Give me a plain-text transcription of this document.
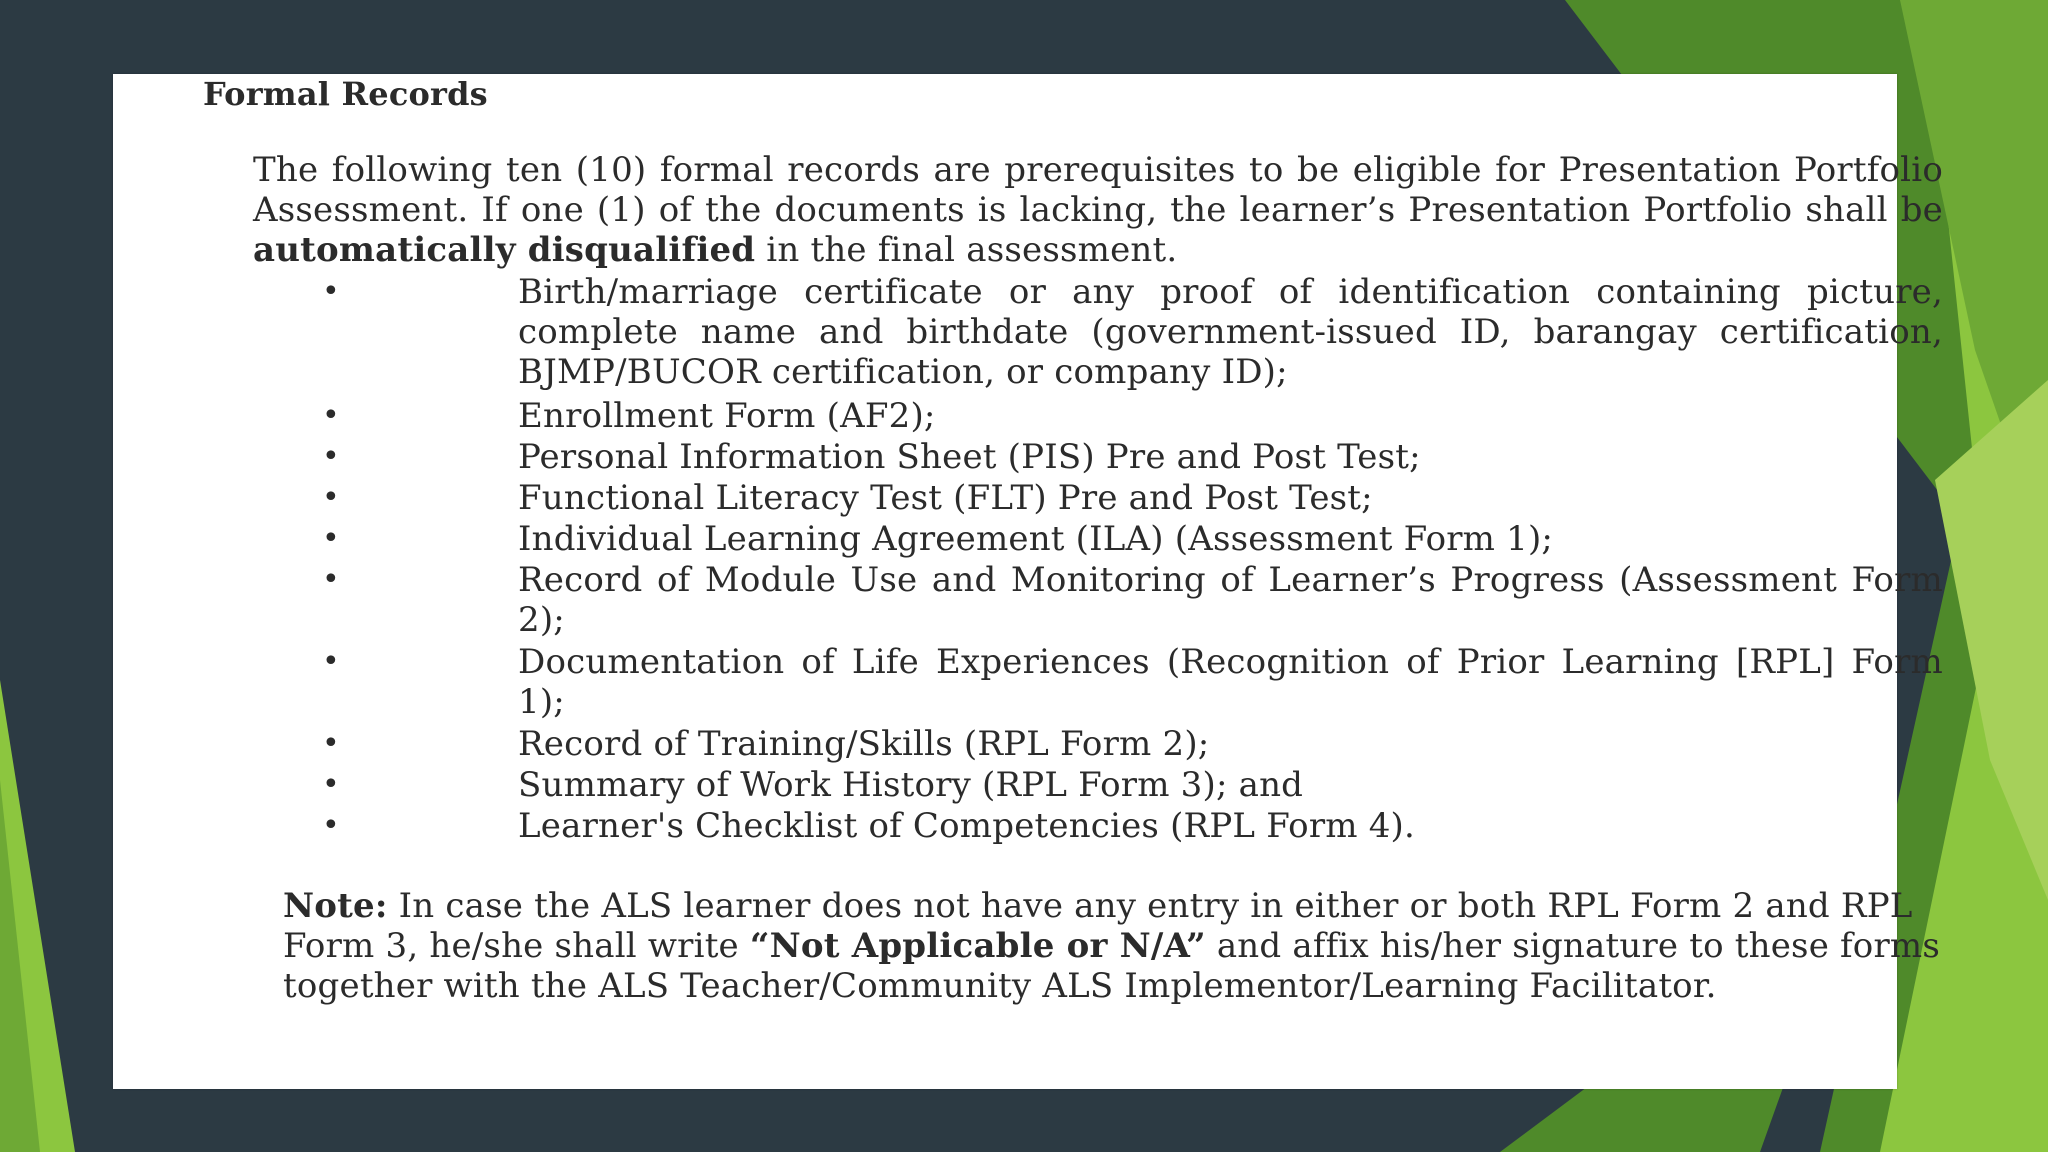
Formal Records

The following ten (10) formal records are prerequisites to be eligible for Presentation Portfolio Assessment. If one (1) of the documents is lacking, the learner’s Presentation Portfolio shall be automatically disqualified in the final assessment.

•	Birth/marriage certificate or any proof of identification containing picture, complete name and birthdate (government-issued ID, barangay certification, BJMP/BUCOR certification, or company ID);
•	Enrollment Form (AF2);
•	Personal Information Sheet (PIS) Pre and Post Test;
•	Functional Literacy Test (FLT) Pre and Post Test;
•	Individual Learning Agreement (ILA) (Assessment Form 1);
•	Record of Module Use and Monitoring of Learner’s Progress (Assessment Form 2);
•	Documentation of Life Experiences (Recognition of Prior Learning [RPL] Form 1);
•	Record of Training/Skills (RPL Form 2);
•	Summary of Work History (RPL Form 3); and
•	Learner's Checklist of Competencies (RPL Form 4).

Note: In case the ALS learner does not have any entry in either or both RPL Form 2 and RPL Form 3, he/she shall write “Not Applicable or N/A” and affix his/her signature to these forms together with the ALS Teacher/Community ALS Implementor/Learning Facilitator.
